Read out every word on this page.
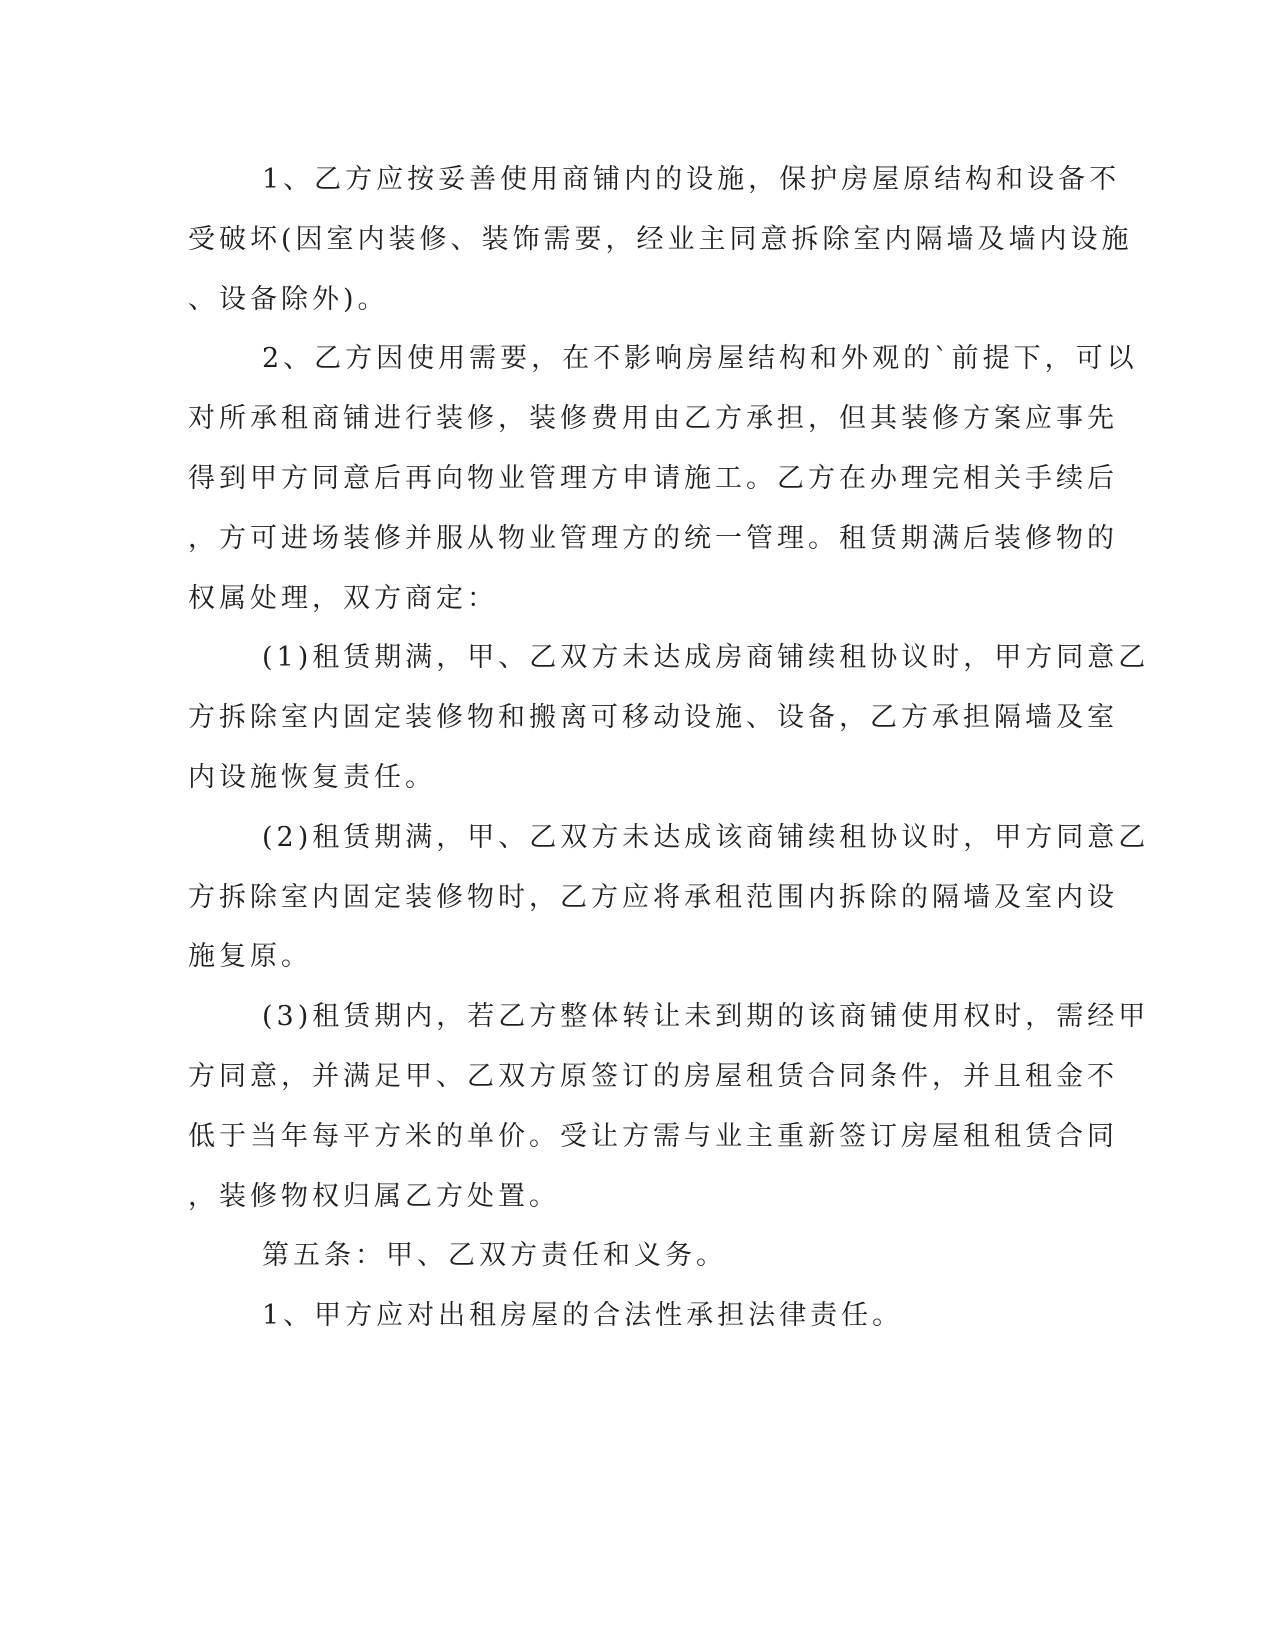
1、乙方应按妥善使用商铺内的设施，保护房屋原结构和设备不
受破坏(因室内装修、装饰需要，经业主同意拆除室内隔墙及墙内设施
、设备除外)。
2、乙方因使用需要，在不影响房屋结构和外观的`前提下，可以
对所承租商铺进行装修，装修费用由乙方承担，但其装修方案应事先
得到甲方同意后再向物业管理方申请施工。乙方在办理完相关手续后
，方可进场装修并服从物业管理方的统一管理。租赁期满后装修物的
权属处理，双方商定：
(1)租赁期满，甲、乙双方未达成房商铺续租协议时，甲方同意乙
方拆除室内固定装修物和搬离可移动设施、设备，乙方承担隔墙及室
内设施恢复责任。
(2)租赁期满，甲、乙双方未达成该商铺续租协议时，甲方同意乙
方拆除室内固定装修物时，乙方应将承租范围内拆除的隔墙及室内设
施复原。
(3)租赁期内，若乙方整体转让未到期的该商铺使用权时，需经甲
方同意，并满足甲、乙双方原签订的房屋租赁合同条件，并且租金不
低于当年每平方米的单价。受让方需与业主重新签订房屋租租赁合同
，装修物权归属乙方处置。
第五条：甲、乙双方责任和义务。
1、甲方应对出租房屋的合法性承担法律责任。
